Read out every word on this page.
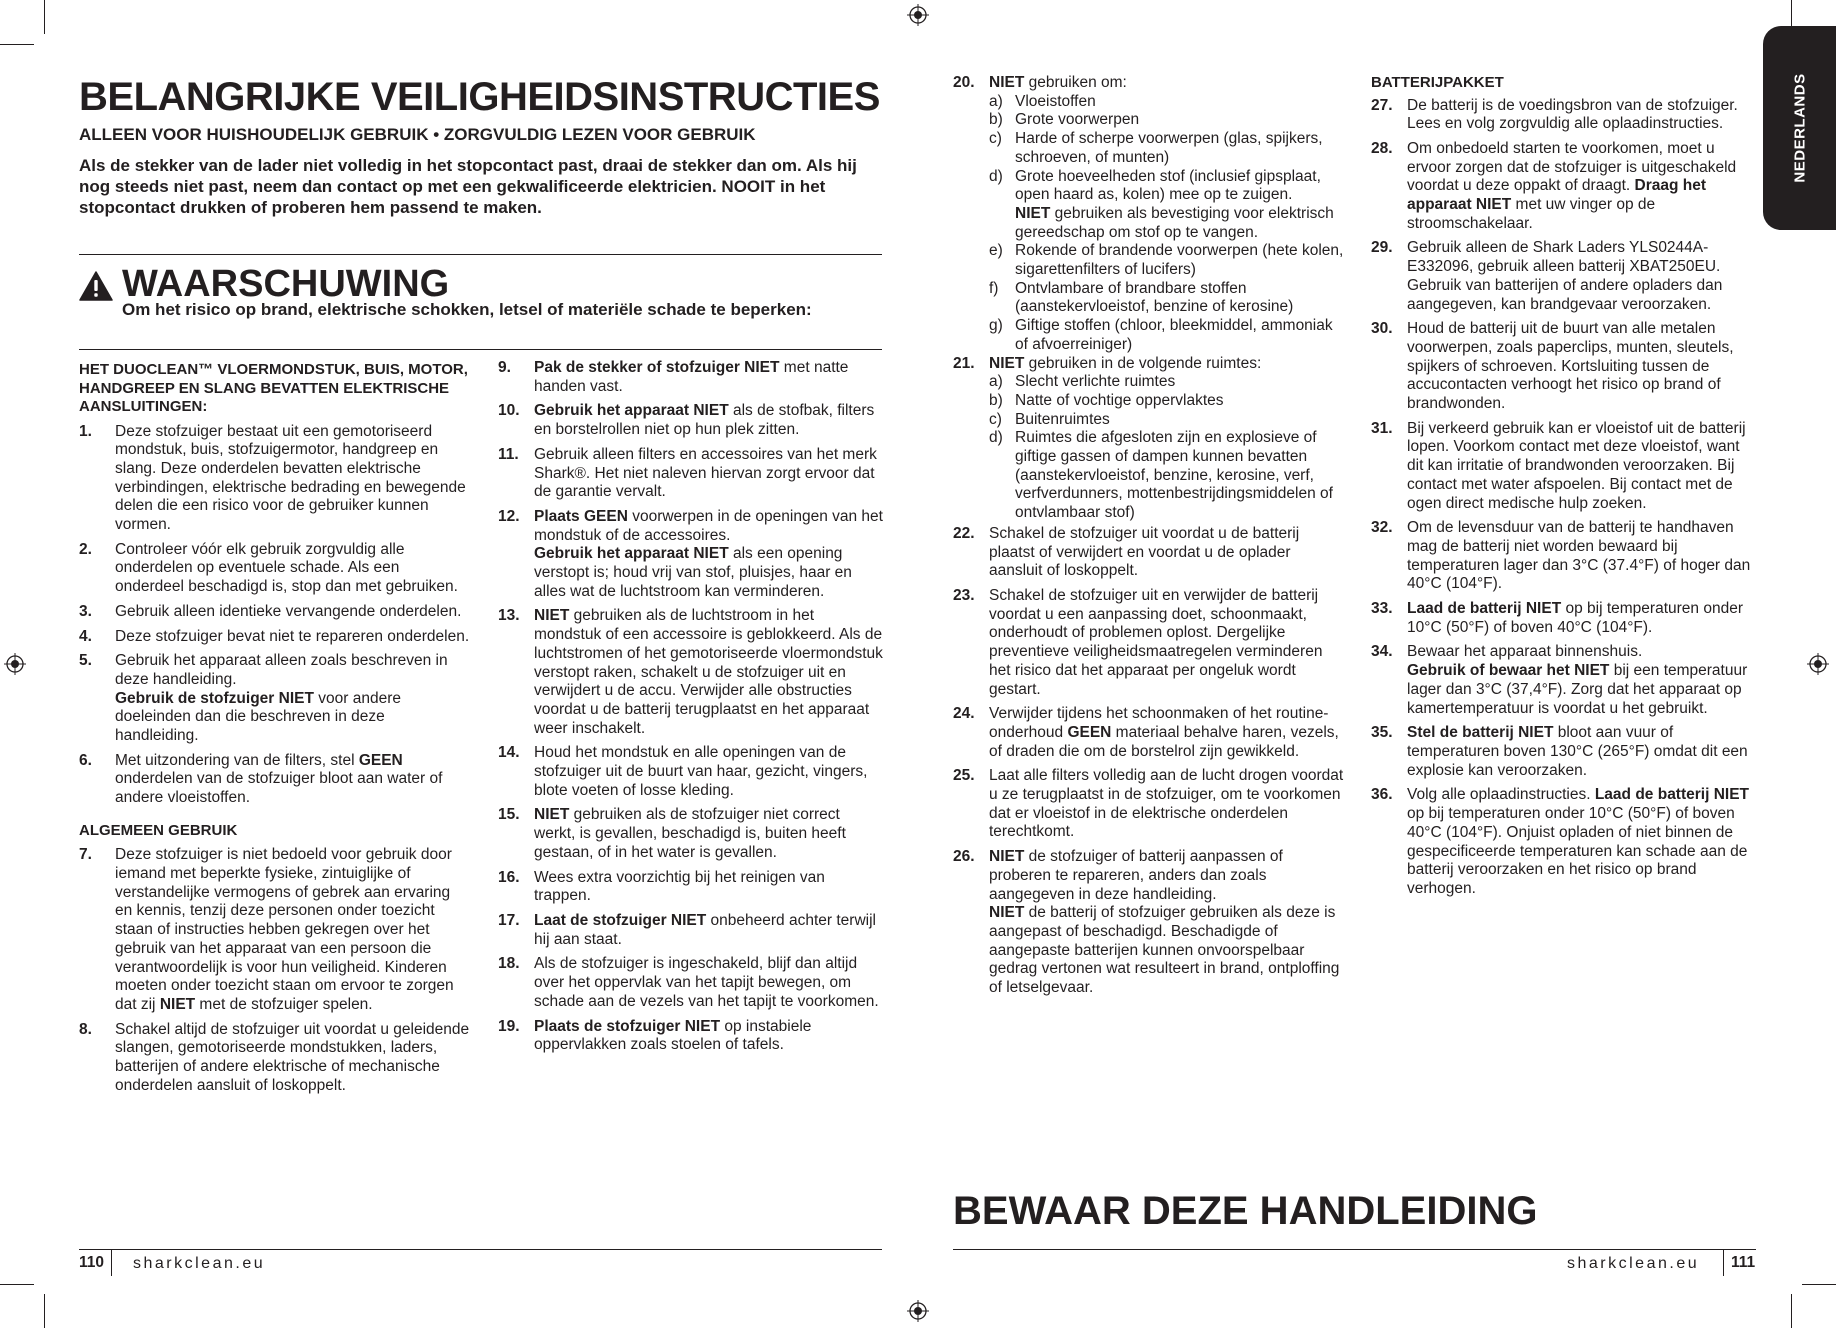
NEDERLANDS
BELANGRIJKE VEILIGHEIDSINSTRUCTIES

ALLEEN VOOR HUISHOUDELIJK GEBRUIK • ZORGVULDIG LEZEN VOOR GEBRUIK

Als de stekker van de lader niet volledig in het stopcontact past, draai de stekker dan om. Als hij nog steeds niet past, neem dan contact op met een gekwalificeerde elektricien. NOOIT in het stopcontact drukken of proberen hem passend te maken.

WAARSCHUWING

Om het risico op brand, elektrische schokken, letsel of materiële schade te beperken:

HET DUOCLEAN™ VLOERMONDSTUK, BUIS, MOTOR, HANDGREEP EN SLANG BEVATTEN ELEKTRISCHE AANSLUITINGEN:

1.	Deze stofzuiger bestaat uit een gemotoriseerd mondstuk, buis, stofzuigermotor, handgreep en slang. Deze onderdelen bevatten elektrische verbindingen, elektrische bedrading en bewegende delen die een risico voor de gebruiker kunnen vormen.
2.	Controleer vóór elk gebruik zorgvuldig alle onderdelen op eventuele schade. Als een onderdeel beschadigd is, stop dan met gebruiken.
3.	Gebruik alleen identieke vervangende onderdelen.
4.	Deze stofzuiger bevat niet te repareren onderdelen.
5.	Gebruik het apparaat alleen zoals beschreven in deze handleiding.
Gebruik de stofzuiger NIET voor andere doeleinden dan die beschreven in deze handleiding.
6.	Met uitzondering van de filters, stel GEEN onderdelen van de stofzuiger bloot aan water of andere vloeistoffen.

ALGEMEEN GEBRUIK

7.	Deze stofzuiger is niet bedoeld voor gebruik door iemand met beperkte fysieke, zintuiglijke of verstandelijke vermogens of gebrek aan ervaring en kennis, tenzij deze personen onder toezicht staan of instructies hebben gekregen over het gebruik van het apparaat van een persoon die verantwoordelijk is voor hun veiligheid. Kinderen moeten onder toezicht staan om ervoor te zorgen dat zij NIET met de stofzuiger spelen.
8.	Schakel altijd de stofzuiger uit voordat u geleidende slangen, gemotoriseerde mondstukken, laders, batterijen of andere elektrische of mechanische onderdelen aansluit of loskoppelt.
9.	Pak de stekker of stofzuiger NIET met natte handen vast.
10. Gebruik het apparaat NIET als de stofbak, filters en borstelrollen niet op hun plek zitten.
11. Gebruik alleen filters en accessoires van het merk Shark®. Het niet naleven hiervan zorgt ervoor dat de garantie vervalt.
12. Plaats GEEN voorwerpen in de openingen van het mondstuk of de accessoires.
Gebruik het apparaat NIET als een opening verstopt is; houd vrij van stof, pluisjes, haar en alles wat de luchtstroom kan verminderen.
13. NIET gebruiken als de luchtstroom in het mondstuk of een accessoire is geblokkeerd. Als de luchtstromen of het gemotoriseerde vloermondstuk verstopt raken, schakelt u de stofzuiger uit en verwijdert u de accu. Verwijder alle obstructies voordat u de batterij terugplaatst en het apparaat weer inschakelt.
14. Houd het mondstuk en alle openingen van de stofzuiger uit de buurt van haar, gezicht, vingers, blote voeten of losse kleding.
15. NIET gebruiken als de stofzuiger niet correct werkt, is gevallen, beschadigd is, buiten heeft gestaan, of in het water is gevallen.
16. Wees extra voorzichtig bij het reinigen van trappen.
17. Laat de stofzuiger NIET onbeheerd achter terwijl hij aan staat.
18. Als de stofzuiger is ingeschakeld, blijf dan altijd over het oppervlak van het tapijt bewegen, om schade aan de vezels van het tapijt te voorkomen.
19. Plaats de stofzuiger NIET op instabiele oppervlakken zoals stoelen of tafels.
20. NIET gebruiken om:
a) Vloeistoffen
b) Grote voorwerpen
c) Harde of scherpe voorwerpen (glas, spijkers, schroeven, of munten)
d) Grote hoeveelheden stof (inclusief gipsplaat, open haard as, kolen) mee op te zuigen.
NIET gebruiken als bevestiging voor elektrisch gereedschap om stof op te vangen.
e) Rokende of brandende voorwerpen (hete kolen, sigarettenfilters of lucifers)
f)	Ontvlambare of brandbare stoffen (aanstekervloeistof, benzine of kerosine)
g) Giftige stoffen (chloor, bleekmiddel, ammoniak of afvoerreiniger)
21. NIET gebruiken in de volgende ruimtes:
a) Slecht verlichte ruimtes
b) Natte of vochtige oppervlaktes
c) Buitenruimtes
d) Ruimtes die afgesloten zijn en explosieve of giftige gassen of dampen kunnen bevatten (aanstekervloeistof, benzine, kerosine, verf, verfverdunners, mottenbestrijdingsmiddelen of ontvlambaar stof)
22. Schakel de stofzuiger uit voordat u de batterij plaatst of verwijdert en voordat u de oplader aansluit of loskoppelt.
23. Schakel de stofzuiger uit en verwijder de batterij voordat u een aanpassing doet, schoonmaakt, onderhoudt of problemen oplost. Dergelijke preventieve veiligheidsmaatregelen verminderen het risico dat het apparaat per ongeluk wordt gestart.
24. Verwijder tijdens het schoonmaken of het routine-onderhoud GEEN materiaal behalve haren, vezels, of draden die om de borstelrol zijn gewikkeld.
25. Laat alle filters volledig aan de lucht drogen voordat u ze terugplaatst in de stofzuiger, om te voorkomen dat er vloeistof in de elektrische onderdelen terechtkomt.
26. NIET de stofzuiger of batterij aanpassen of proberen te repareren, anders dan zoals aangegeven in deze handleiding.
NIET de batterij of stofzuiger gebruiken als deze is aangepast of beschadigd. Beschadigde of aangepaste batterijen kunnen onvoorspelbaar gedrag vertonen wat resulteert in brand, ontploffing of letselgevaar.

BATTERIJPAKKET

27. De batterij is de voedingsbron van de stofzuiger. Lees en volg zorgvuldig alle oplaadinstructies.
28. Om onbedoeld starten te voorkomen, moet u ervoor zorgen dat de stofzuiger is uitgeschakeld voordat u deze oppakt of draagt. Draag het apparaat NIET met uw vinger op de stroomschakelaar.
29. Gebruik alleen de Shark Laders YLS0244A-E332096, gebruik alleen batterij XBAT250EU. Gebruik van batterijen of andere opladers dan aangegeven, kan brandgevaar veroorzaken.
30. Houd de batterij uit de buurt van alle metalen voorwerpen, zoals paperclips, munten, sleutels, spijkers of schroeven. Kortsluiting tussen de accucontacten verhoogt het risico op brand of brandwonden.
31. Bij verkeerd gebruik kan er vloeistof uit de batterij lopen. Voorkom contact met deze vloeistof, want dit kan irritatie of brandwonden veroorzaken. Bij contact met water afspoelen. Bij contact met de ogen direct medische hulp zoeken.
32. Om de levensduur van de batterij te handhaven mag de batterij niet worden bewaard bij temperaturen lager dan 3°C (37.4°F) of hoger dan 40°C (104°F).
33. Laad de batterij NIET op bij temperaturen onder 10°C (50°F) of boven 40°C (104°F).
34. Bewaar het apparaat binnenshuis.
Gebruik of bewaar het NIET bij een temperatuur lager dan 3°C (37,4°F). Zorg dat het apparaat op kamertemperatuur is voordat u het gebruikt.
35. Stel de batterij NIET bloot aan vuur of temperaturen boven 130°C (265°F) omdat dit een explosie kan veroorzaken.
36. Volg alle oplaadinstructies. Laad de batterij NIET op bij temperaturen onder 10°C (50°F) of boven 40°C (104°F). Onjuist opladen of niet binnen de gespecificeerde temperaturen kan schade aan de batterij veroorzaken en het risico op brand verhogen.
BEWAAR DEZE HANDLEIDING
110 sharkclean.eu	sharkclean.eu 111
